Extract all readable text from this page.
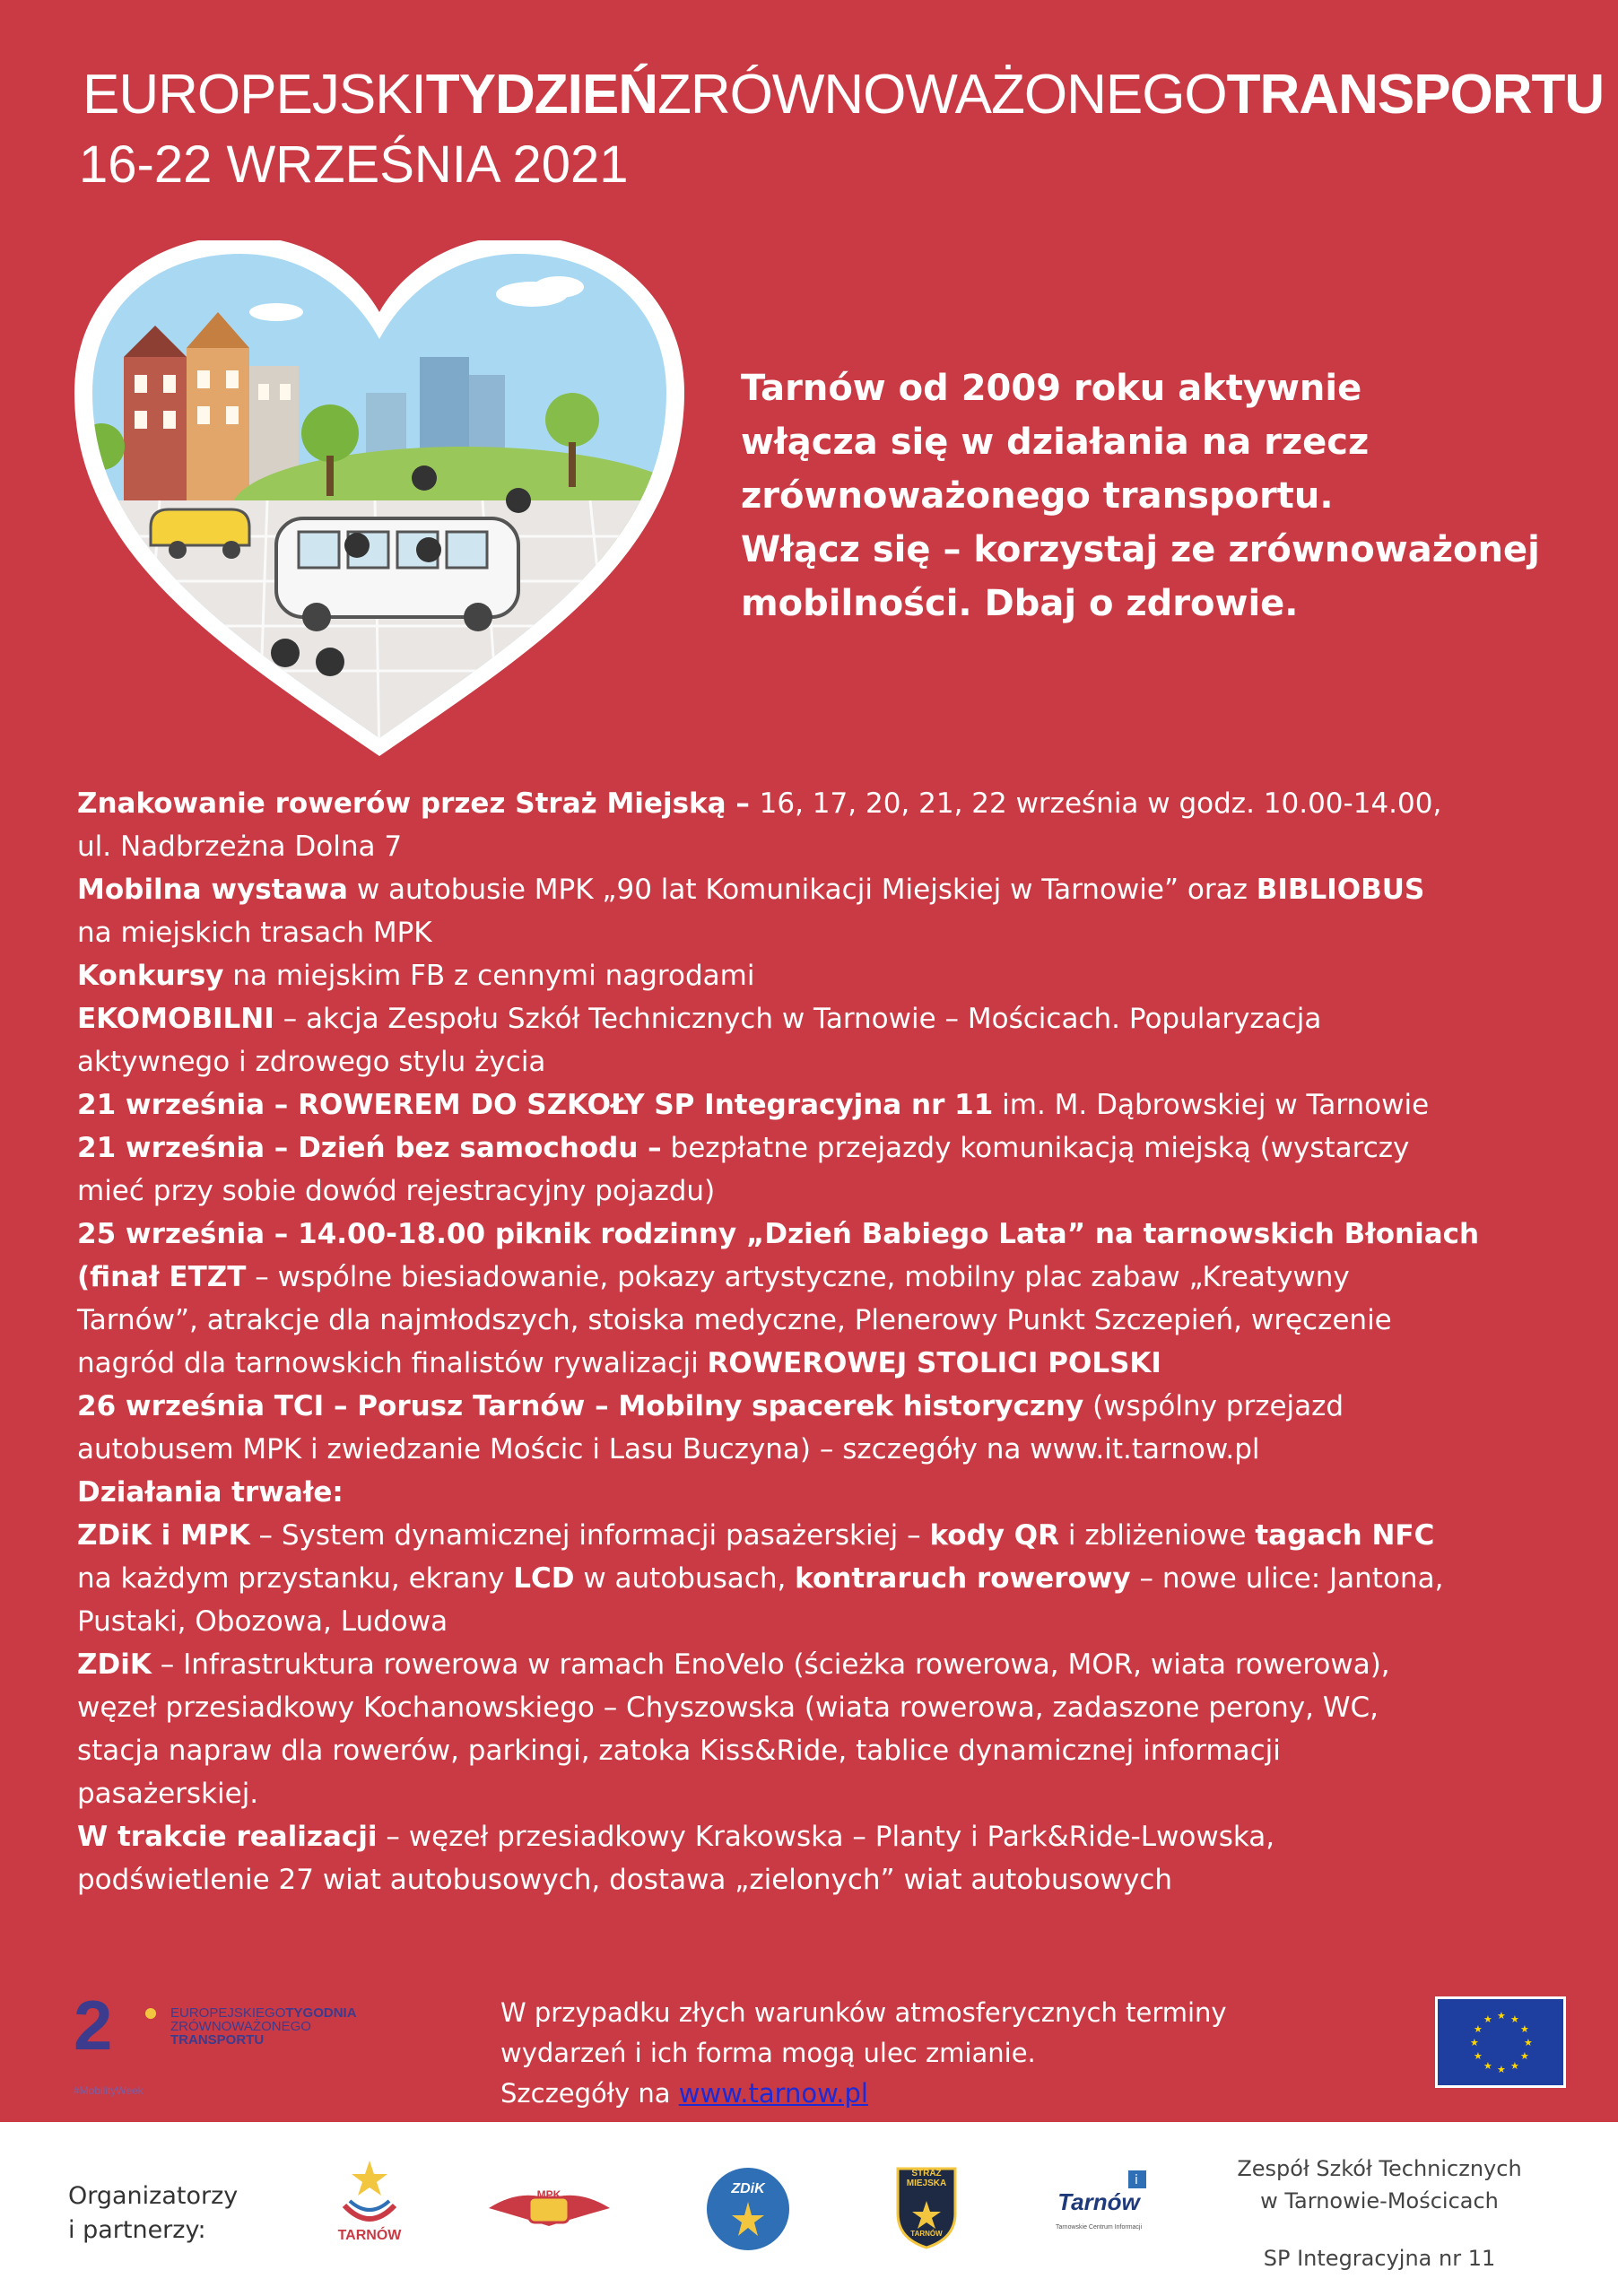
EUROPEJSKITYDZIEŃZRÓWNOWAŻONEGOTRANSPORTU
16-22 WRZEŚNIA 2021
Tarnów od 2009 roku aktywnie
włącza się w działania na rzecz
zrównoważonego transportu.
Włącz się – korzystaj ze zrównoważonej
mobilności. Dbaj o zdrowie.

Znakowanie rowerów przez Straż Miejską – 16, 17, 20, 21, 22 września w godz. 10.00-14.00,

ul. Nadbrzeżna Dolna 7

Mobilna wystawa w autobusie MPK „90 lat Komunikacji Miejskiej w Tarnowie” oraz BIBLIOBUS

na miejskich trasach MPK

Konkursy na miejskim FB z cennymi nagrodami

EKOMOBILNI – akcja Zespołu Szkół Technicznych w Tarnowie – Mościcach. Popularyzacja

aktywnego i zdrowego stylu życia

21 września – ROWEREM DO SZKOŁY SP Integracyjna nr 11 im. M. Dąbrowskiej w Tarnowie

21 września – Dzień bez samochodu – bezpłatne przejazdy komunikacją miejską (wystarczy

mieć przy sobie dowód rejestracyjny pojazdu)

25 września – 14.00-18.00 piknik rodzinny „Dzień Babiego Lata” na tarnowskich Błoniach

(finał ETZT – wspólne biesiadowanie, pokazy artystyczne, mobilny plac zabaw „Kreatywny

Tarnów”, atrakcje dla najmłodszych, stoiska medyczne, Plenerowy Punkt Szczepień, wręczenie

nagród dla tarnowskich finalistów rywalizacji ROWEROWEJ STOLICI POLSKI

26 września TCI – Porusz Tarnów – Mobilny spacerek historyczny (wspólny przejazd

autobusem MPK i zwiedzanie Mościc i Lasu Buczyna) – szczegóły na www.it.tarnow.pl

Działania trwałe:

ZDiK i MPK – System dynamicznej informacji pasażerskiej – kody QR i zbliżeniowe tagach NFC

na każdym przystanku, ekrany LCD w autobusach, kontraruch rowerowy – nowe ulice: Jantona,

Pustaki, Obozowa, Ludowa

ZDiK – Infrastruktura rowerowa w ramach EnoVelo (ścieżka rowerowa, MOR, wiata rowerowa),

węzeł przesiadkowy Kochanowskiego – Chyszowska (wiata rowerowa, zadaszone perony, WC,

stacja napraw dla rowerów, parkingi, zatoka Kiss&Ride, tablice dynamicznej informacji

pasażerskiej.

W trakcie realizacji – węzeł przesiadkowy Krakowska – Planty i Park&Ride-Lwowska,

podświetlenie 27 wiat autobusowych, dostawa „zielonych” wiat autobusowych

2	EUROPEJSKIEGOTYGODNIA
ZRÓWNOWAŻONEGO
TRANSPORTU
#MobilityWeek
W przypadku złych warunków atmosferycznych terminy
wydarzeń i ich forma mogą ulec zmianie.
Szczegóły na www.tarnow.pl
★
★
★
★
★
★
★
★
★ ★ ★
★
Organizatorzy
i partnerzy:	TARNÓW
MPK	ZDiK
STRAŻ
MIEJSKA
TARNÓW
Tarnów
i
Tarnowskie Centrum Informacji
Zespół Szkół Technicznych
w Tarnowie-Mościcach
SP Integracyjna nr 11
